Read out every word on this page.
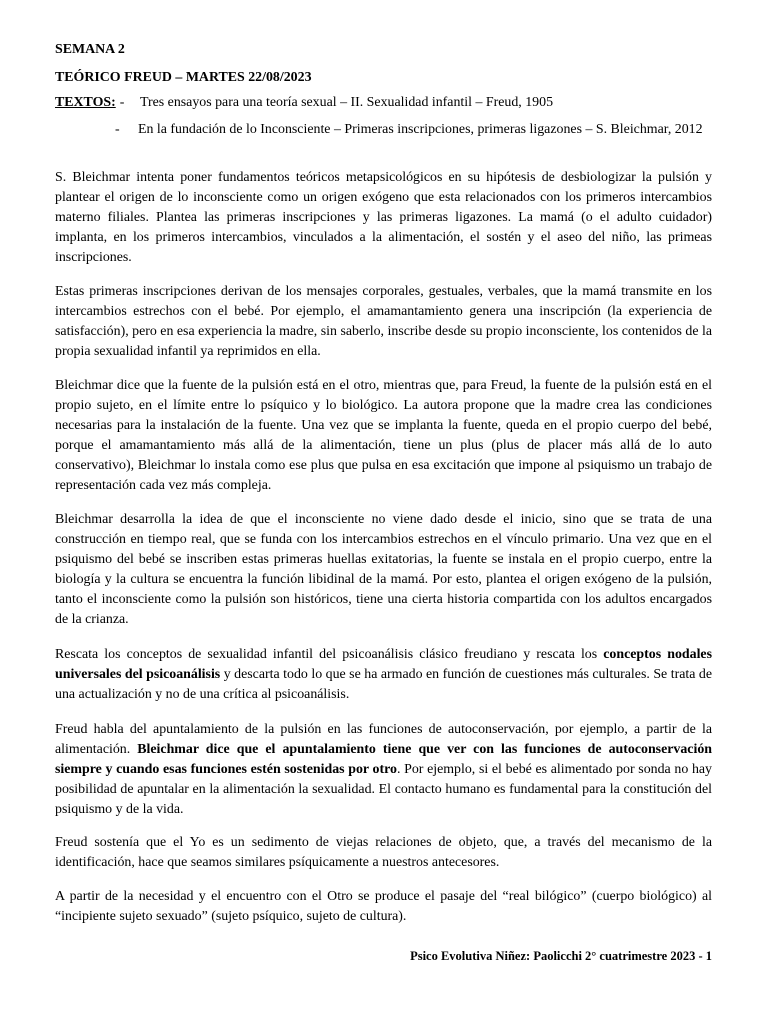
SEMANA 2

TEÓRICO FREUD – MARTES 22/08/2023

TEXTOS: - Tres ensayos para una teoría sexual – II. Sexualidad infantil – Freud, 1905
- En la fundación de lo Inconsciente – Primeras inscripciones, primeras ligazones – S. Bleichmar, 2012

S. Bleichmar intenta poner fundamentos teóricos metapsicológicos en su hipótesis de desbiologizar la pulsión y plantear el origen de lo inconsciente como un origen exógeno que esta relacionados con los primeros intercambios materno filiales. Plantea las primeras inscripciones y las primeras ligazones. La mamá (o el adulto cuidador) implanta, en los primeros intercambios, vinculados a la alimentación, el sostén y el aseo del niño, las primeas inscripciones.

Estas primeras inscripciones derivan de los mensajes corporales, gestuales, verbales, que la mamá transmite en los intercambios estrechos con el bebé. Por ejemplo, el amamantamiento genera una inscripción (la experiencia de satisfacción), pero en esa experiencia la madre, sin saberlo, inscribe desde su propio inconsciente, los contenidos de la propia sexualidad infantil ya reprimidos en ella.

Bleichmar dice que la fuente de la pulsión está en el otro, mientras que, para Freud, la fuente de la pulsión está en el propio sujeto, en el límite entre lo psíquico y lo biológico. La autora propone que la madre crea las condiciones necesarias para la instalación de la fuente. Una vez que se implanta la fuente, queda en el propio cuerpo del bebé, porque el amamantamiento más allá de la alimentación, tiene un plus (plus de placer más allá de lo auto conservativo), Bleichmar lo instala como ese plus que pulsa en esa excitación que impone al psiquismo un trabajo de representación cada vez más compleja.

Bleichmar desarrolla la idea de que el inconsciente no viene dado desde el inicio, sino que se trata de una construcción en tiempo real, que se funda con los intercambios estrechos en el vínculo primario. Una vez que en el psiquismo del bebé se inscriben estas primeras huellas exitatorias, la fuente se instala en el propio cuerpo, entre la biología y la cultura se encuentra la función libidinal de la mamá. Por esto, plantea el origen exógeno de la pulsión, tanto el inconsciente como la pulsión son históricos, tiene una cierta historia compartida con los adultos encargados de la crianza.

Rescata los conceptos de sexualidad infantil del psicoanálisis clásico freudiano y rescata los conceptos nodales universales del psicoanálisis y descarta todo lo que se ha armado en función de cuestiones más culturales. Se trata de una actualización y no de una crítica al psicoanálisis.

Freud habla del apuntalamiento de la pulsión en las funciones de autoconservación, por ejemplo, a partir de la alimentación. Bleichmar dice que el apuntalamiento tiene que ver con las funciones de autoconservación siempre y cuando esas funciones estén sostenidas por otro. Por ejemplo, si el bebé es alimentado por sonda no hay posibilidad de apuntalar en la alimentación la sexualidad. El contacto humano es fundamental para la constitución del psiquismo y de la vida.

Freud sostenía que el Yo es un sedimento de viejas relaciones de objeto, que, a través del mecanismo de la identificación, hace que seamos similares psíquicamente a nuestros antecesores.

A partir de la necesidad y el encuentro con el Otro se produce el pasaje del “real bilógico” (cuerpo biológico) al “incipiente sujeto sexuado” (sujeto psíquico, sujeto de cultura).

Psico Evolutiva Niñez: Paolicchi 2° cuatrimestre 2023 - 1
